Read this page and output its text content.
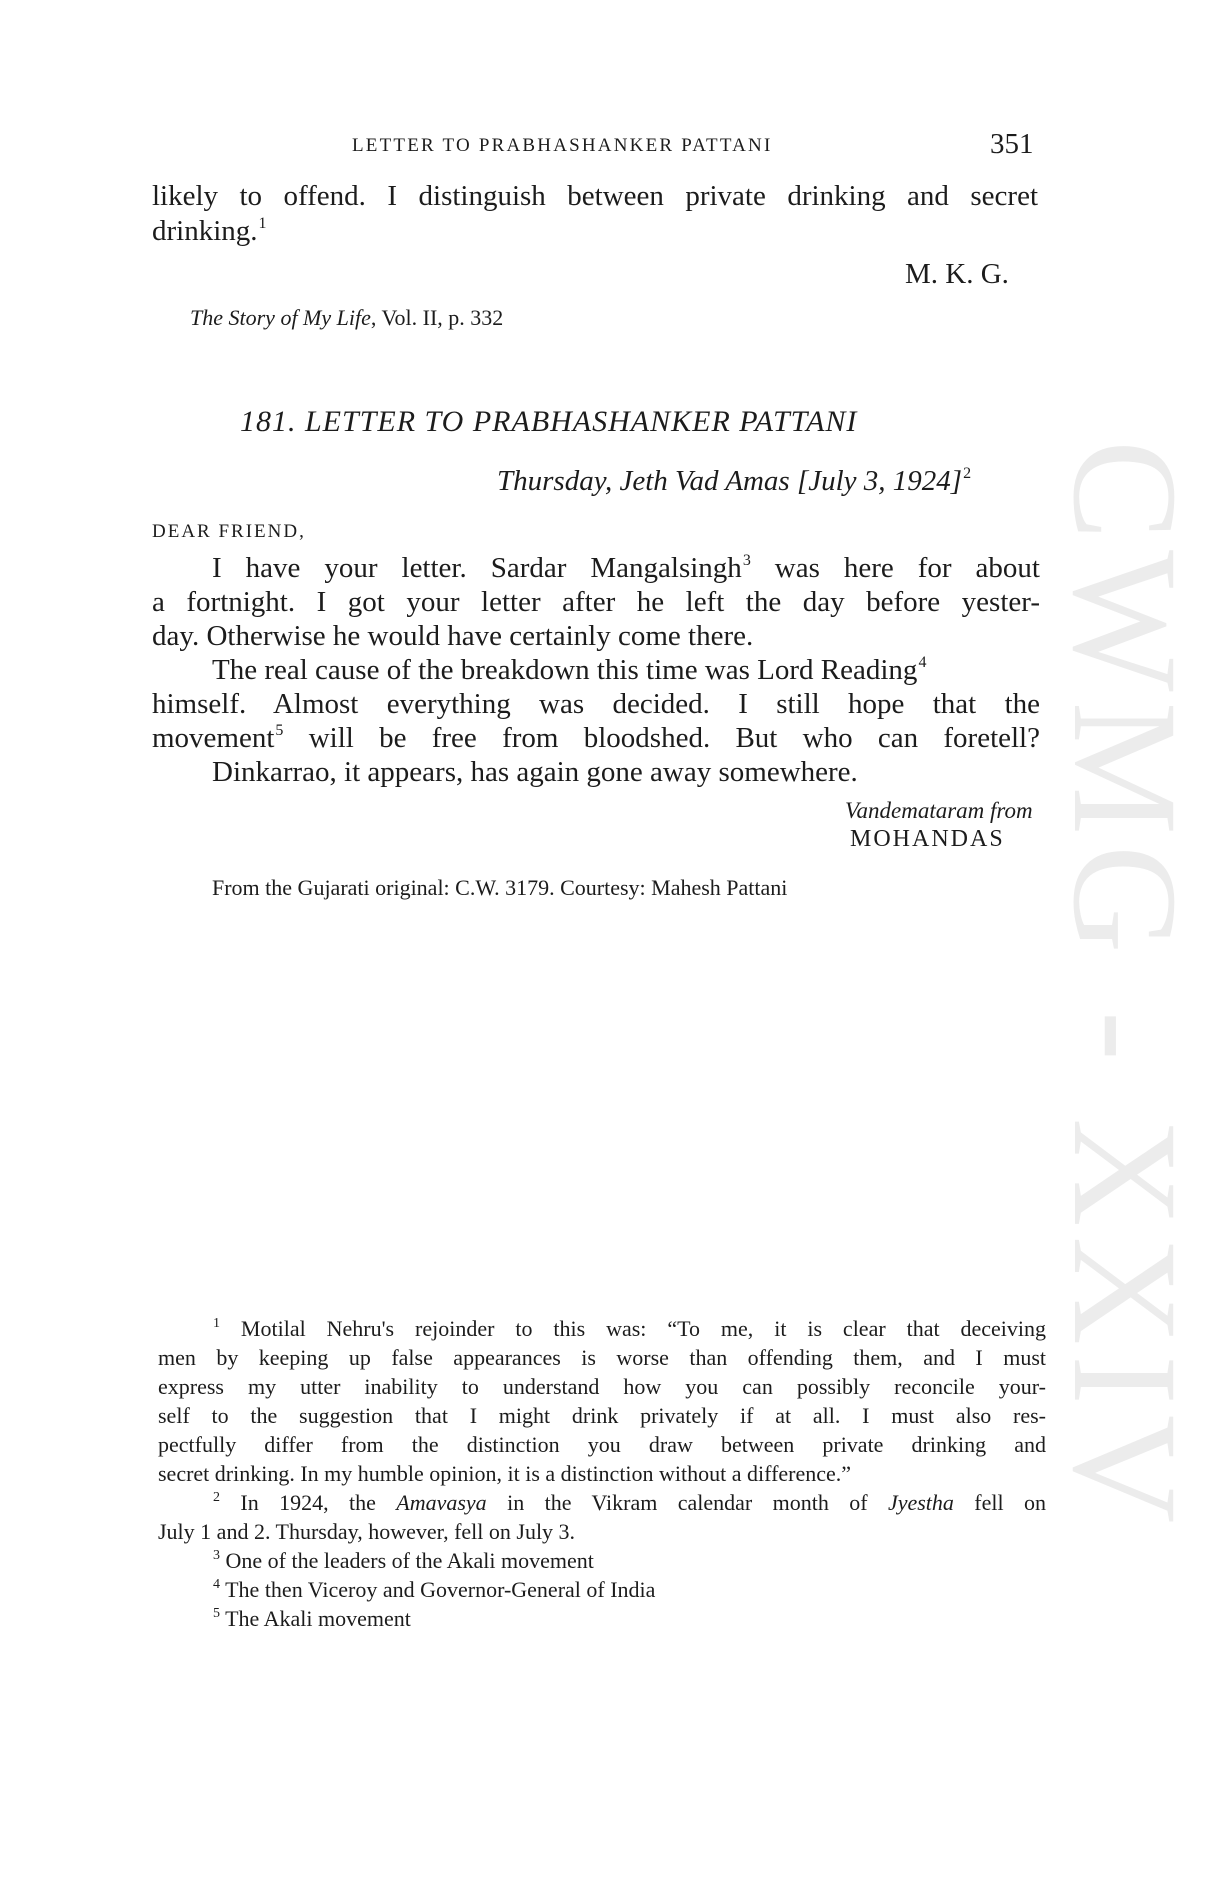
CWMG - XXIV
LETTER TO PRABHASHANKER PATTANI	351
likely to offend. I distinguish between private drinking and secret
drinking.$^1$
M. K. G.
The Story of My Life, Vol. II, p. 332
181. LETTER TO PRABHASHANKER PATTANI
Thursday, Jeth Vad Amas [July 3, 1924]$^2$
DEAR FRIEND,
I have your letter. Sardar Mangalsingh$^3$ was here for about
a fortnight. I got your letter after he left the day before yester-
day. Otherwise he would have certainly come there.
The real cause of the breakdown this time was Lord Reading$^4$
himself. Almost everything was decided. I still hope that the
movement$^5$ will be free from bloodshed. But who can foretell?
Dinkarrao, it appears, has again gone away somewhere.
Vandemataram from
MOHANDAS
From the Gujarati original: C.W. 3179. Courtesy: Mahesh Pattani
$^1$ Motilal Nehru's rejoinder to this was: “To me, it is clear that deceiving
men by keeping up false appearances is worse than offending them, and I must
express my utter inability to understand how you can possibly reconcile your-
self to the suggestion that I might drink privately if at all. I must also res-
pectfully differ from the distinction you draw between private drinking and
secret drinking. In my humble opinion, it is a distinction without a difference.”
$^2$ In 1924, the Amavasya in the Vikram calendar month of Jyestha fell on
July 1 and 2. Thursday, however, fell on July 3.
$^3$ One of the leaders of the Akali movement
$^4$ The then Viceroy and Governor-General of India
$^5$ The Akali movement
